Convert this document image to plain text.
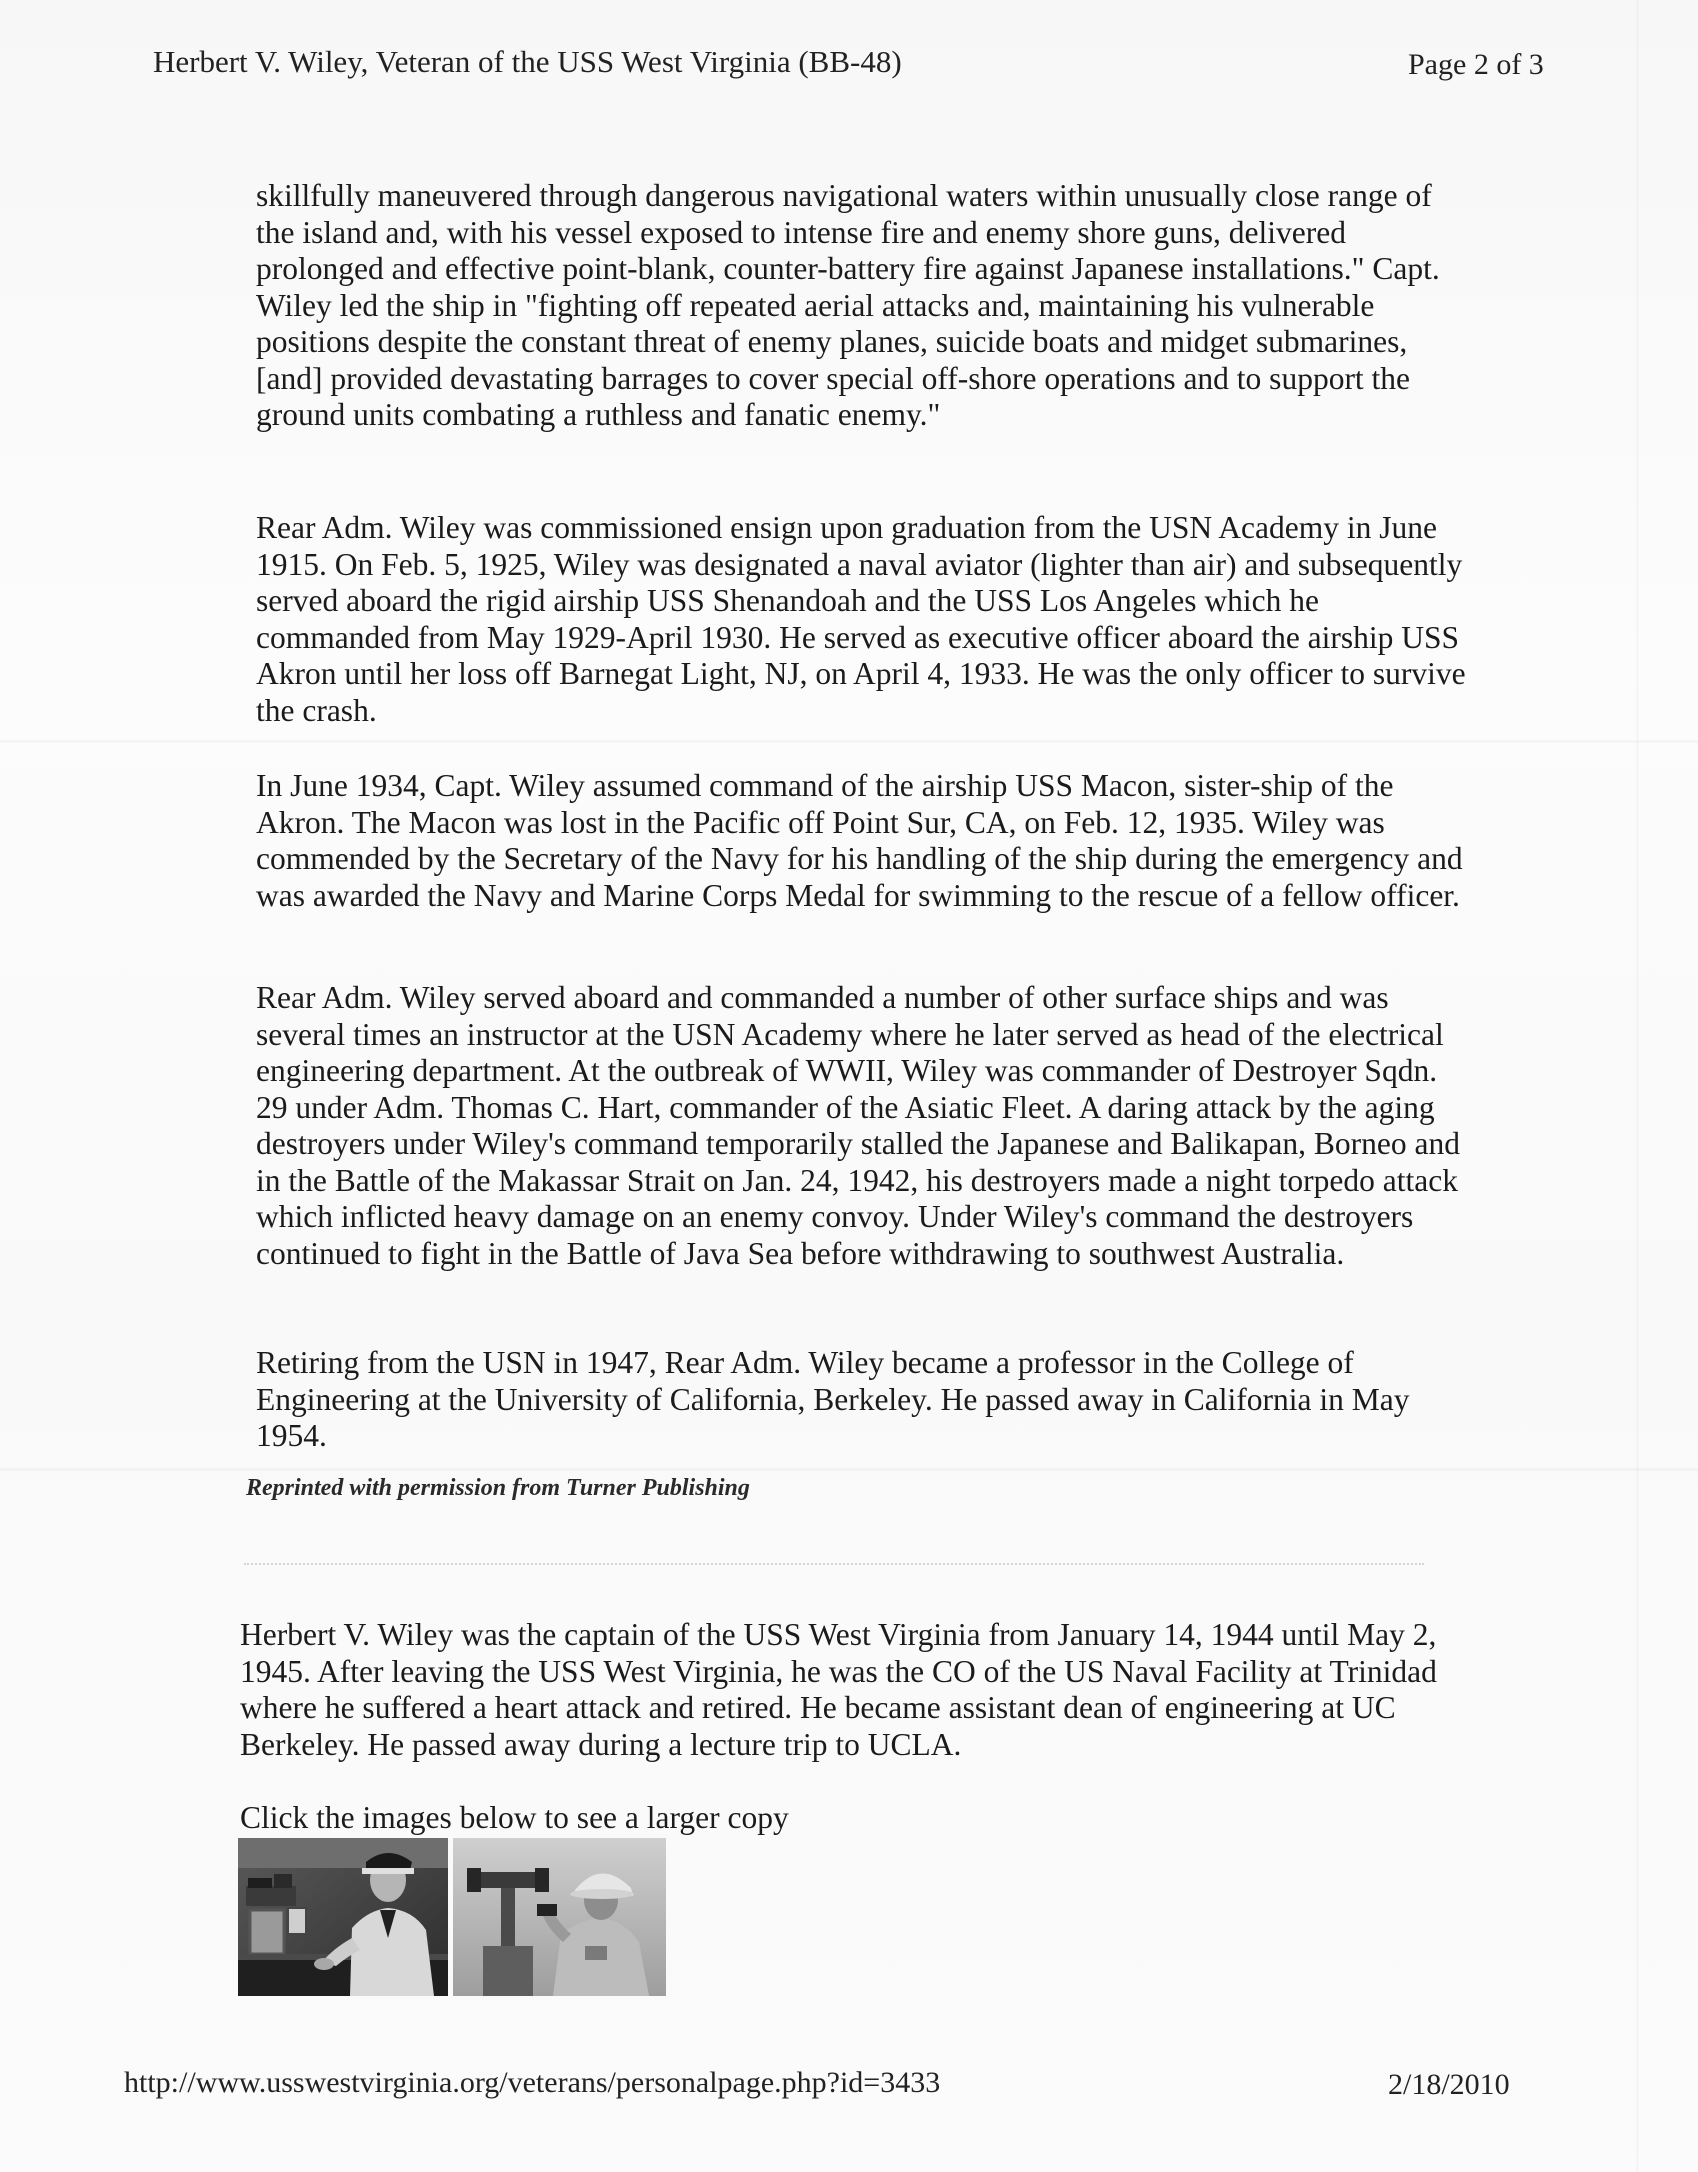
Herbert V. Wiley, Veteran of the USS West Virginia (BB-48)	Page 2 of 3
skillfully maneuvered through dangerous navigational waters within unusually close range of the island and, with his vessel exposed to intense fire and enemy shore guns, delivered prolonged and effective point-blank, counter-battery fire against Japanese installations." Capt. Wiley led the ship in "fighting off repeated aerial attacks and, maintaining his vulnerable positions despite the constant threat of enemy planes, suicide boats and midget submarines, [and] provided devastating barrages to cover special off-shore operations and to support the ground units combating a ruthless and fanatic enemy."
Rear Adm. Wiley was commissioned ensign upon graduation from the USN Academy in June 1915. On Feb. 5, 1925, Wiley was designated a naval aviator (lighter than air) and subsequently served aboard the rigid airship USS Shenandoah and the USS Los Angeles which he commanded from May 1929-April 1930. He served as executive officer aboard the airship USS Akron until her loss off Barnegat Light, NJ, on April 4, 1933. He was the only officer to survive the crash.
In June 1934, Capt. Wiley assumed command of the airship USS Macon, sister-ship of the Akron. The Macon was lost in the Pacific off Point Sur, CA, on Feb. 12, 1935. Wiley was commended by the Secretary of the Navy for his handling of the ship during the emergency and was awarded the Navy and Marine Corps Medal for swimming to the rescue of a fellow officer.
Rear Adm. Wiley served aboard and commanded a number of other surface ships and was several times an instructor at the USN Academy where he later served as head of the electrical engineering department. At the outbreak of WWII, Wiley was commander of Destroyer Sqdn. 29 under Adm. Thomas C. Hart, commander of the Asiatic Fleet. A daring attack by the aging destroyers under Wiley's command temporarily stalled the Japanese and Balikapan, Borneo and in the Battle of the Makassar Strait on Jan. 24, 1942, his destroyers made a night torpedo attack which inflicted heavy damage on an enemy convoy. Under Wiley's command the destroyers continued to fight in the Battle of Java Sea before withdrawing to southwest Australia.
Retiring from the USN in 1947, Rear Adm. Wiley became a professor in the College of Engineering at the University of California, Berkeley. He passed away in California in May 1954.
Reprinted with permission from Turner Publishing
Herbert V. Wiley was the captain of the USS West Virginia from January 14, 1944 until May 2, 1945. After leaving the USS West Virginia, he was the CO of the US Naval Facility at Trinidad where he suffered a heart attack and retired. He became assistant dean of engineering at UC Berkeley. He passed away during a lecture trip to UCLA.
Click the images below to see a larger copy
http://www.usswestvirginia.org/veterans/personalpage.php?id=3433	2/18/2010
